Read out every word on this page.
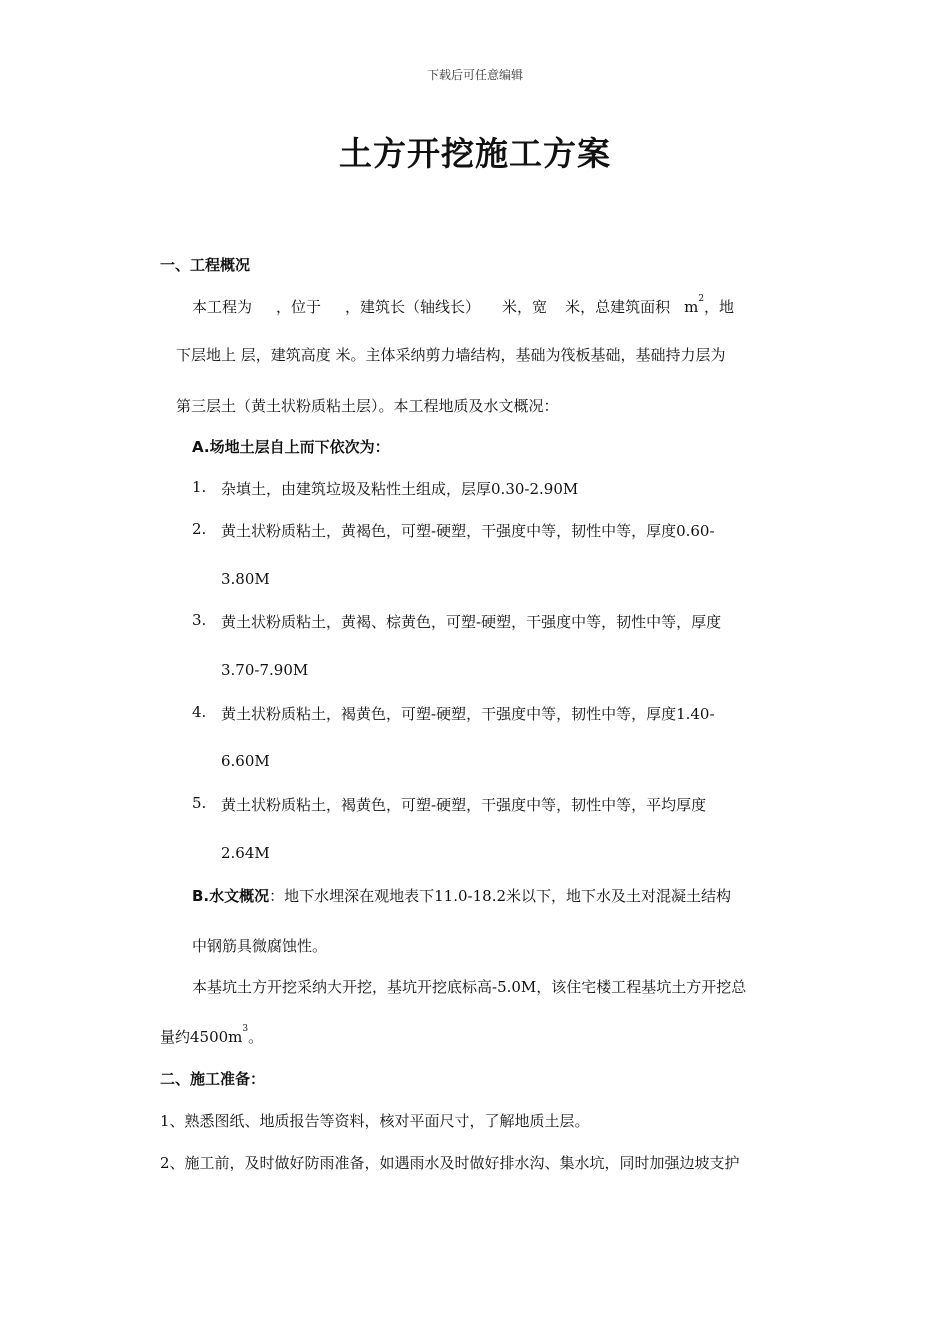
下载后可任意编辑
土方开挖施工方案
一、工程概况
本工程为 ，位于 ，建筑长（轴线长） 米，宽 米，总建筑面积 $m^2$，地
下层地上 层，建筑高度 米。主体采纳剪力墙结构，基础为筏板基础，基础持力层为
第三层土（黄土状粉质粘土层）。本工程地质及水文概况：
A.场地土层自上而下依次为：
1. 杂填土，由建筑垃圾及粘性土组成，层厚0.30-2.90M
2. 黄土状粉质粘土，黄褐色，可塑-硬塑，干强度中等，韧性中等，厚度0.60-
3.80M
3. 黄土状粉质粘土，黄褐、棕黄色，可塑-硬塑，干强度中等，韧性中等，厚度
3.70-7.90M
4. 黄土状粉质粘土，褐黄色，可塑-硬塑，干强度中等，韧性中等，厚度1.40-
6.60M
5. 黄土状粉质粘土，褐黄色，可塑-硬塑，干强度中等，韧性中等，平均厚度
2.64M
B.水文概况：地下水埋深在观地表下11.0-18.2米以下，地下水及土对混凝土结构
中钢筋具微腐蚀性。
本基坑土方开挖采纳大开挖，基坑开挖底标高-5.0M，该住宅楼工程基坑土方开挖总
量约$4500m^3$。
二、施工准备：
1、熟悉图纸、地质报告等资料，核对平面尺寸，了解地质土层。
2、施工前，及时做好防雨准备，如遇雨水及时做好排水沟、集水坑，同时加强边坡支护
